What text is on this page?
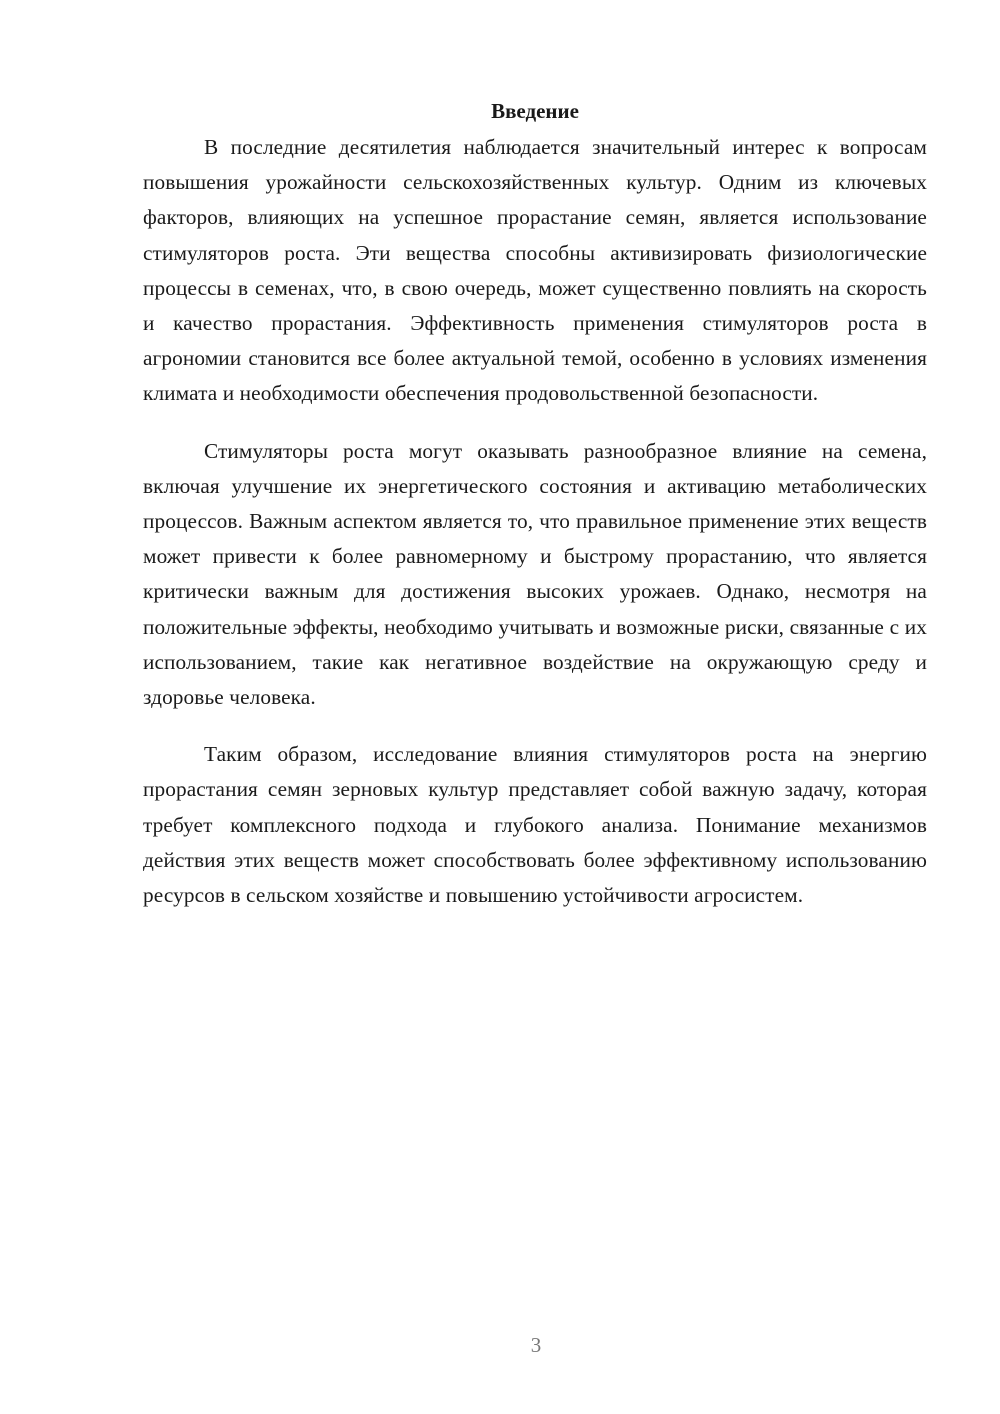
Введение

В последние десятилетия наблюдается значительный интерес к вопросам повышения урожайности сельскохозяйственных культур. Одним из ключевых факторов, влияющих на успешное прорастание семян, является использование стимуляторов роста. Эти вещества способны активизировать физиологические процессы в семенах, что, в свою очередь, может существенно повлиять на скорость и качество прорастания. Эффективность применения стимуляторов роста в агрономии становится все более актуальной темой, особенно в условиях изменения климата и необходимости обеспечения продовольственной безопасности.

Стимуляторы роста могут оказывать разнообразное влияние на семена, включая улучшение их энергетического состояния и активацию метаболических процессов. Важным аспектом является то, что правильное применение этих веществ может привести к более равномерному и быстрому прорастанию, что является критически важным для достижения высоких урожаев. Однако, несмотря на положительные эффекты, необходимо учитывать и возможные риски, связанные с их использованием, такие как негативное воздействие на окружающую среду и здоровье человека.

Таким образом, исследование влияния стимуляторов роста на энергию прорастания семян зерновых культур представляет собой важную задачу, которая требует комплексного подхода и глубокого анализа. Понимание механизмов действия этих веществ может способствовать более эффективному использованию ресурсов в сельском хозяйстве и повышению устойчивости агросистем.

3
